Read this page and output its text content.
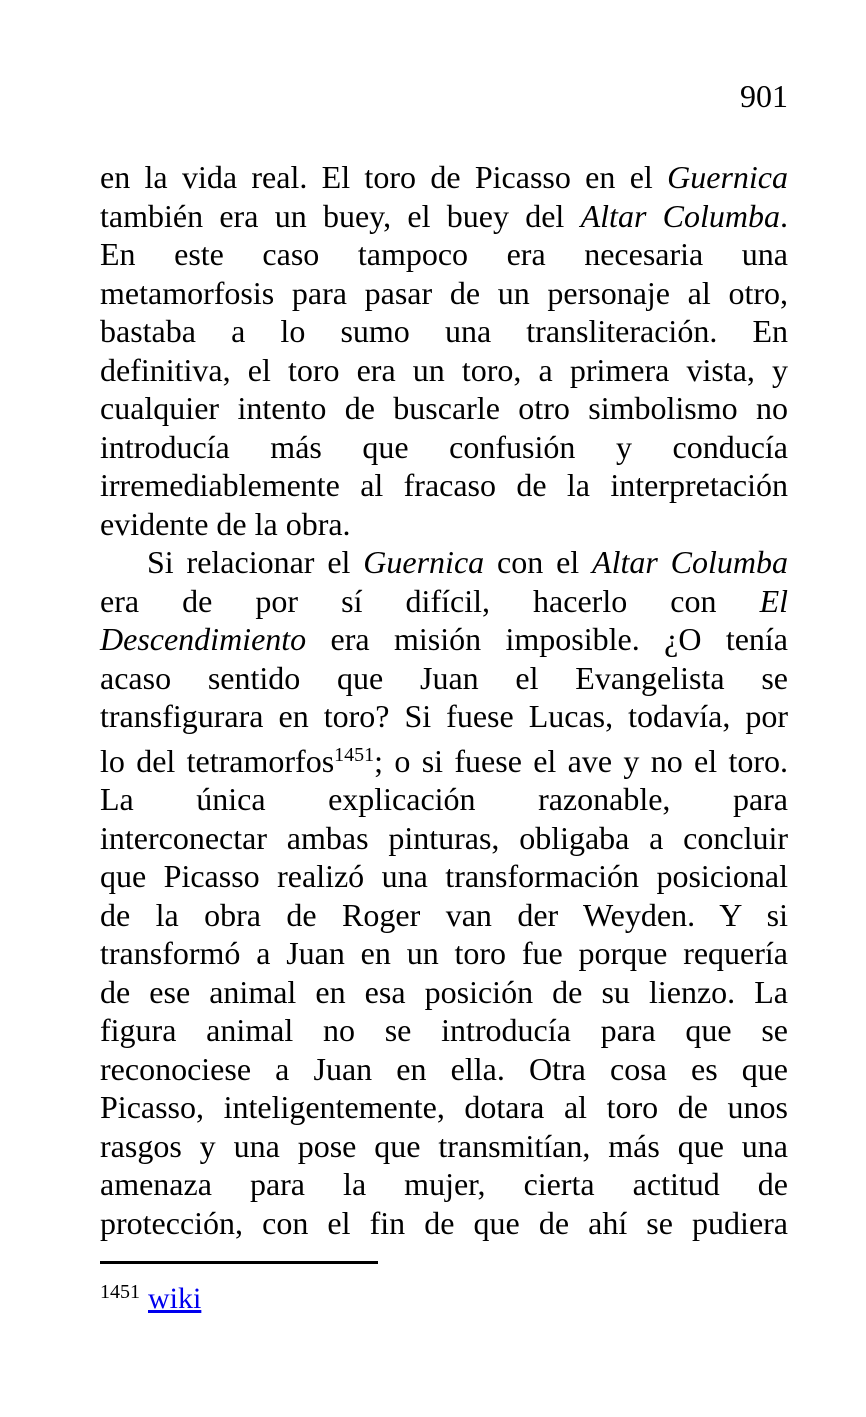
901
en la vida real. El toro de Picasso en el Guernica
también era un buey, el buey del Altar Columba.
En este caso tampoco era necesaria una
metamorfosis para pasar de un personaje al otro,
bastaba a lo sumo una transliteración. En
definitiva, el toro era un toro, a primera vista, y
cualquier intento de buscarle otro simbolismo no
introducía más que confusión y conducía
irremediablemente al fracaso de la interpretación
evidente de la obra.
Si relacionar el Guernica con el Altar Columba
era de por sí difícil, hacerlo con El
Descendimiento era misión imposible. ¿O tenía
acaso sentido que Juan el Evangelista se
transfigurara en toro? Si fuese Lucas, todavía, por
lo del tetramorfos$^{1451}$; o si fuese el ave y no el toro.
La única explicación razonable, para
interconectar ambas pinturas, obligaba a concluir
que Picasso realizó una transformación posicional
de la obra de Roger van der Weyden. Y si
transformó a Juan en un toro fue porque requería
de ese animal en esa posición de su lienzo. La
figura animal no se introducía para que se
reconociese a Juan en ella. Otra cosa es que
Picasso, inteligentemente, dotara al toro de unos
rasgos y una pose que transmitían, más que una
amenaza para la mujer, cierta actitud de
protección, con el fin de que de ahí se pudiera
$^{1451}$ wiki
